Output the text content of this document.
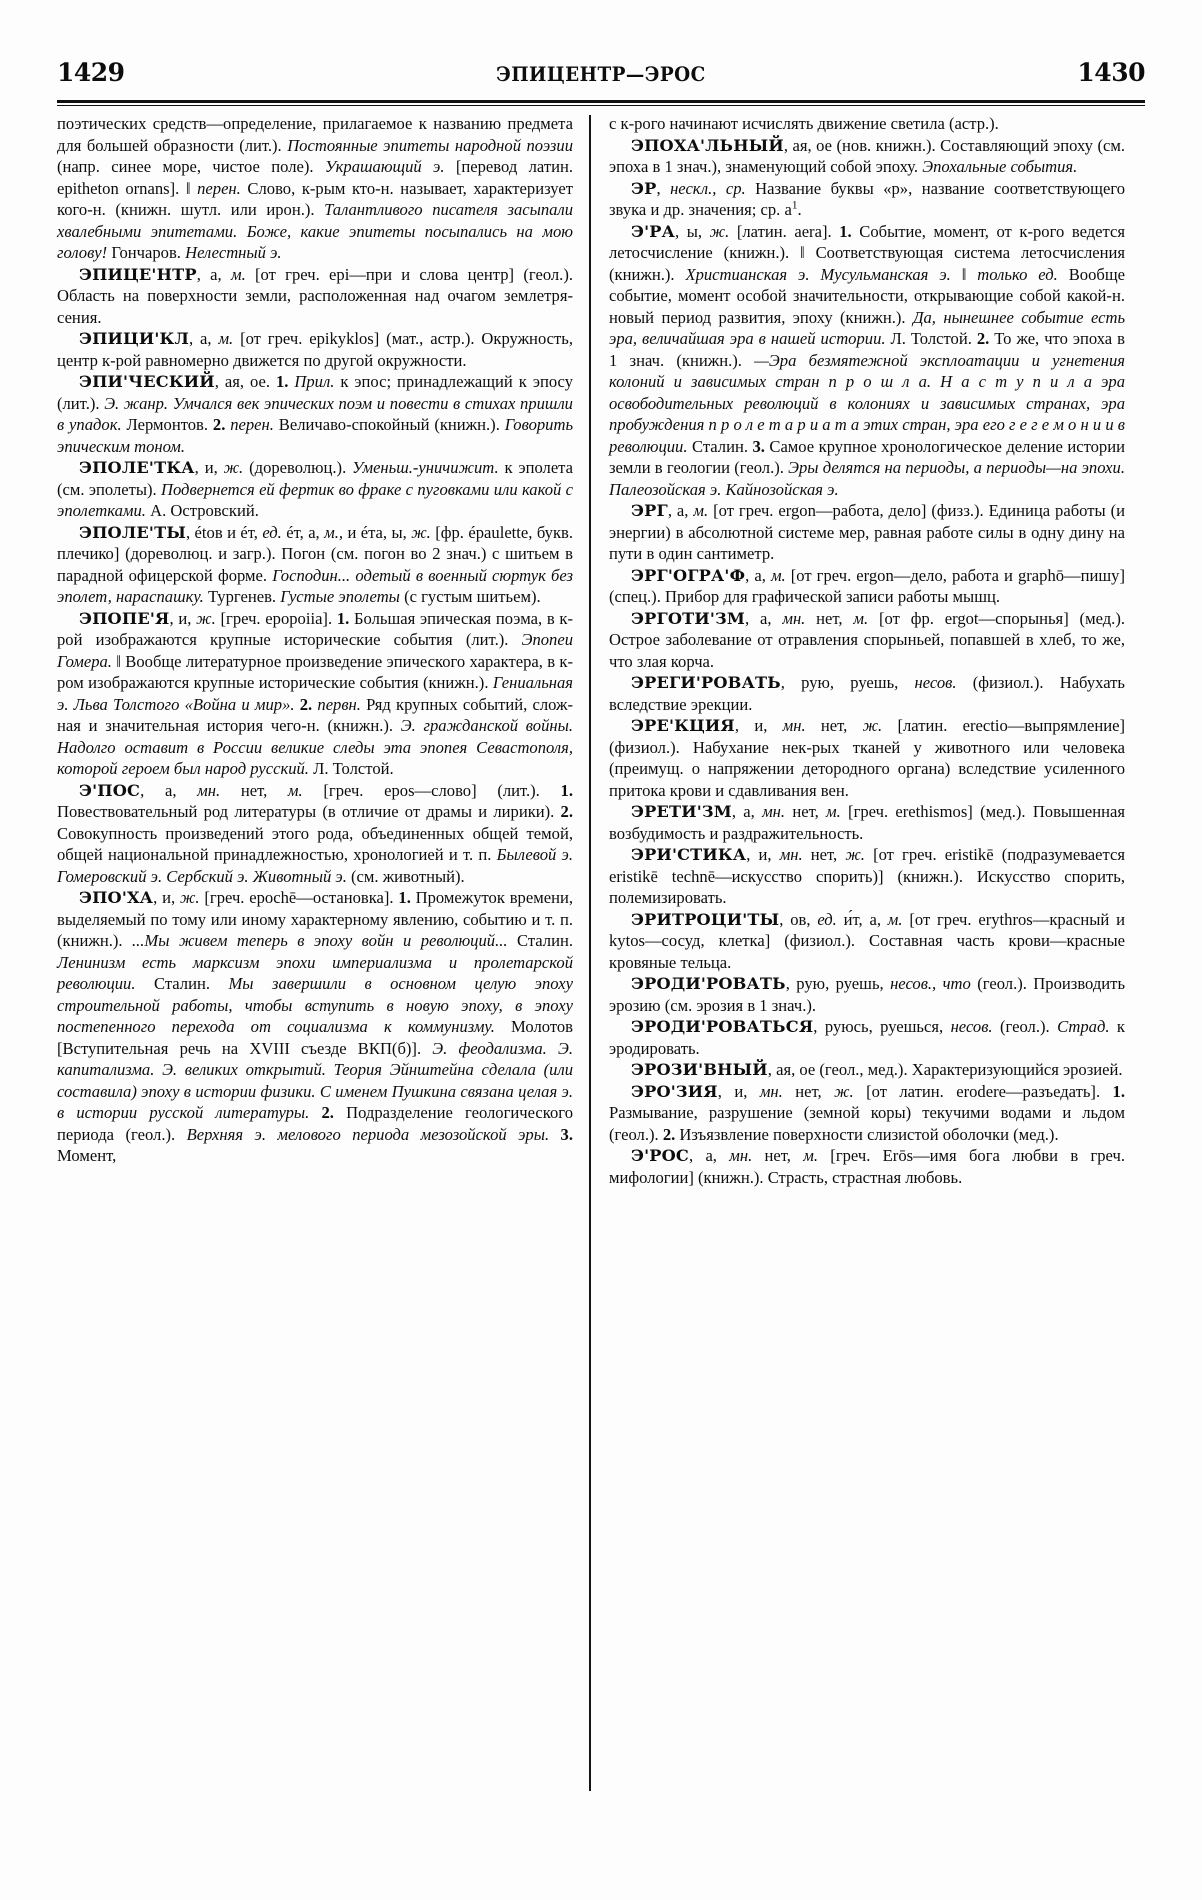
1429	ЭПИЦЕНТР—ЭРОС	1430

поэтических средств—определение, прилагаемое к названию предмета для большей образности (лит.). Постоянные эпитеты народной поэзии (напр. синее море, чистое поле). Украшающий э. [перевод латин. epitheton ornans]. ǁ перен. Слово, к-рым кто-н. называет, характеризует кого-н. (книжн. шутл. или ирон.). Талантливого писателя засыпали хвалебными эпитетами. Боже, какие эпитеты посыпались на мою голову! Гончаров. Нелестный э.

ЭПИЦЕ'НТР, а, м. [от греч. epi—при и слова центр] (геол.). Область на поверхности земли, расположенная над очагом землетрясения.

ЭПИЦИ'КЛ, а, м. [от греч. epikyklos] (мат., астр.). Окружность, центр к-рой равномерно движется по другой окружности.

ЭПИ'ЧЕСКИЙ, ая, ое. 1. Прил. к эпос; принадлежащий к эпосу (лит.). Э. жанр. Умчался век эпических поэм и повести в стихах пришли в упадок. Лермонтов. 2. перен. Величаво-спокойный (книжн.). Говорить эпическим тоном.

ЭПОЛЕ'ТКА, и, ж. (дореволюц.). Уменьш.-уничижит. к эполета (см. эполеты). Подвернется ей фертик во фраке с пуговками или какой с эполетками. А. Островский.

ЭПОЛЕ'ТЫ, étов и éт, ед. éт, а, м., и éта, ы, ж. [фр. épaulette, букв. плечико] (дореволюц. и загр.). Погон (см. погон во 2 знач.) с шитьем в парадной офицерской форме. Господин... одетый в военный сюртук без эполет, нараспашку. Тургенев. Густые эполеты (с густым шитьем).

ЭПОПЕ'Я, и, ж. [греч. epopoiia]. 1. Большая эпическая поэма, в к-рой изображаются крупные исторические события (лит.). Эпопеи Гомера. ǁ Вообще литературное произведение эпического характера, в к-ром изображаются крупные исторические события (книжн.). Гениальная э. Льва Толстого «Война и мир». 2. первн. Ряд крупных событий, сложная и значительная история чего-н. (книжн.). Э. гражданской войны. Надолго оставит в России великие следы эта эпопея Севастополя, которой героем был народ русский. Л. Толстой.

Э'ПОС, а, мн. нет, м. [греч. epos—слово] (лит.). 1. Повествовательный род литературы (в отличие от драмы и лирики). 2. Совокупность произведений этого рода, объединенных общей темой, общей национальной принадлежностью, хронологией и т. п. Былевой э. Гомеровский э. Сербский э. Животный э. (см. животный).

ЭПО'ХА, и, ж. [греч. epochē—остановка]. 1. Промежуток времени, выделяемый по тому или иному характерному явлению, событию и т. п. (книжн.). ...Мы живем теперь в эпоху войн и революций... Сталин. Ленинизм есть марксизм эпохи империализма и пролетарской революции. Сталин. Мы завершили в основном целую эпоху строительной работы, чтобы вступить в новую эпоху, в эпоху постепенного перехода от социализма к коммунизму. Молотов [Вступительная речь на XVIII съезде ВКП(б)]. Э. феодализма. Э. капитализма. Э. великих открытий. Теория Эйнштейна сделала (или составила) эпоху в истории физики. С именем Пушкина связана целая э. в истории русской литературы. 2. Подразделение геологического периода (геол.). Верхняя э. мелового периода мезозойской эры. 3. Момент,

с к-рого начинают исчислять движение светила (астр.).

ЭПОХА'ЛЬНЫЙ, ая, ое (нов. книжн.). Составляющий эпоху (см. эпоха в 1 знач.), знаменующий собой эпоху. Эпохальные события.

ЭР, нескл., ср. Название буквы «р», название соответствующего звука и др. значения; ср. $а^1$.

Э'РА, ы, ж. [латин. aera]. 1. Событие, момент, от к-рого ведется летосчисление (книжн.). ǁ Соответствующая система летосчисления (книжн.). Христианская э. Мусульманская э. ǁ только ед. Вообще событие, момент особой значительности, открывающие собой какой-н. новый период развития, эпоху (книжн.). Да, нынешнее событие есть эра, величайшая эра в нашей истории. Л. Толстой. 2. То же, что эпоха в 1 знач. (книжн.). —Эра безмятежной эксплоатации и угнетения колоний и зависимых стран п р о ш л а. Н а с т у п и л а эра освободительных революций в колониях и зависимых странах, эра пробуждения п р о л е т а р и а т а этих стран, эра его г е г е м о н и и в революции. Сталин. 3. Самое крупное хронологическое деление истории земли в геологии (геол.). Эры делятся на периоды, а периоды—на эпохи. Палеозойская э. Кайнозойская э.

ЭРГ, а, м. [от греч. ergon—работа, дело] (физз.). Единица работы (и энергии) в абсолютной системе мер, равная работе силы в одну дину на пути в один сантиметр.

ЭРГ'ОГРА'Ф, а, м. [от греч. ergon—дело, работа и graphō—пишу] (спец.). Прибор для графической записи работы мышц.

ЭРГОТИ'ЗМ, а, мн. нет, м. [от фр. ergot—спорынья] (мед.). Острое заболевание от отравления спорыньей, попавшей в хлеб, то же, что злая корча.

ЭРЕГИ'РОВАТЬ, рую, руешь, несов. (физиол.). Набухать вследствие эрекции.

ЭРЕ'КЦИЯ, и, мн. нет, ж. [латин. erectio—выпрямление] (физиол.). Набухание нек-рых тканей у животного или человека (преимущ. о напряжении детородного органа) вследствие усиленного притока крови и сдавливания вен.

ЭРЕТИ'ЗМ, а, мн. нет, м. [греч. erethismos] (мед.). Повышенная возбудимость и раздражительность.

ЭРИ'СТИКА, и, мн. нет, ж. [от греч. eristikē (подразумевается eristikē technē—искусство спорить)] (книжн.). Искусство спорить, полемизировать.

ЭРИТРОЦИ'ТЫ, ов, ед. и́т, а, м. [от греч. erythros—красный и kytos—сосуд, клетка] (физиол.). Составная часть крови—красные кровяные тельца.

ЭРОДИ'РОВАТЬ, рую, руешь, несов., что (геол.). Производить эрозию (см. эрозия в 1 знач.).

ЭРОДИ'РОВАТЬСЯ, руюсь, руешься, несов. (геол.). Страд. к эродировать.

ЭРОЗИ'ВНЫЙ, ая, ое (геол., мед.). Характеризующийся эрозией.

ЭРО'ЗИЯ, и, мн. нет, ж. [от латин. erodere—разъедать]. 1. Размывание, разрушение (земной коры) текучими водами и льдом (геол.). 2. Изъязвление поверхности слизистой оболочки (мед.).

Э'РОС, а, мн. нет, м. [греч. Erōs—имя бога любви в греч. мифологии] (книжн.). Страсть, страстная любовь.
